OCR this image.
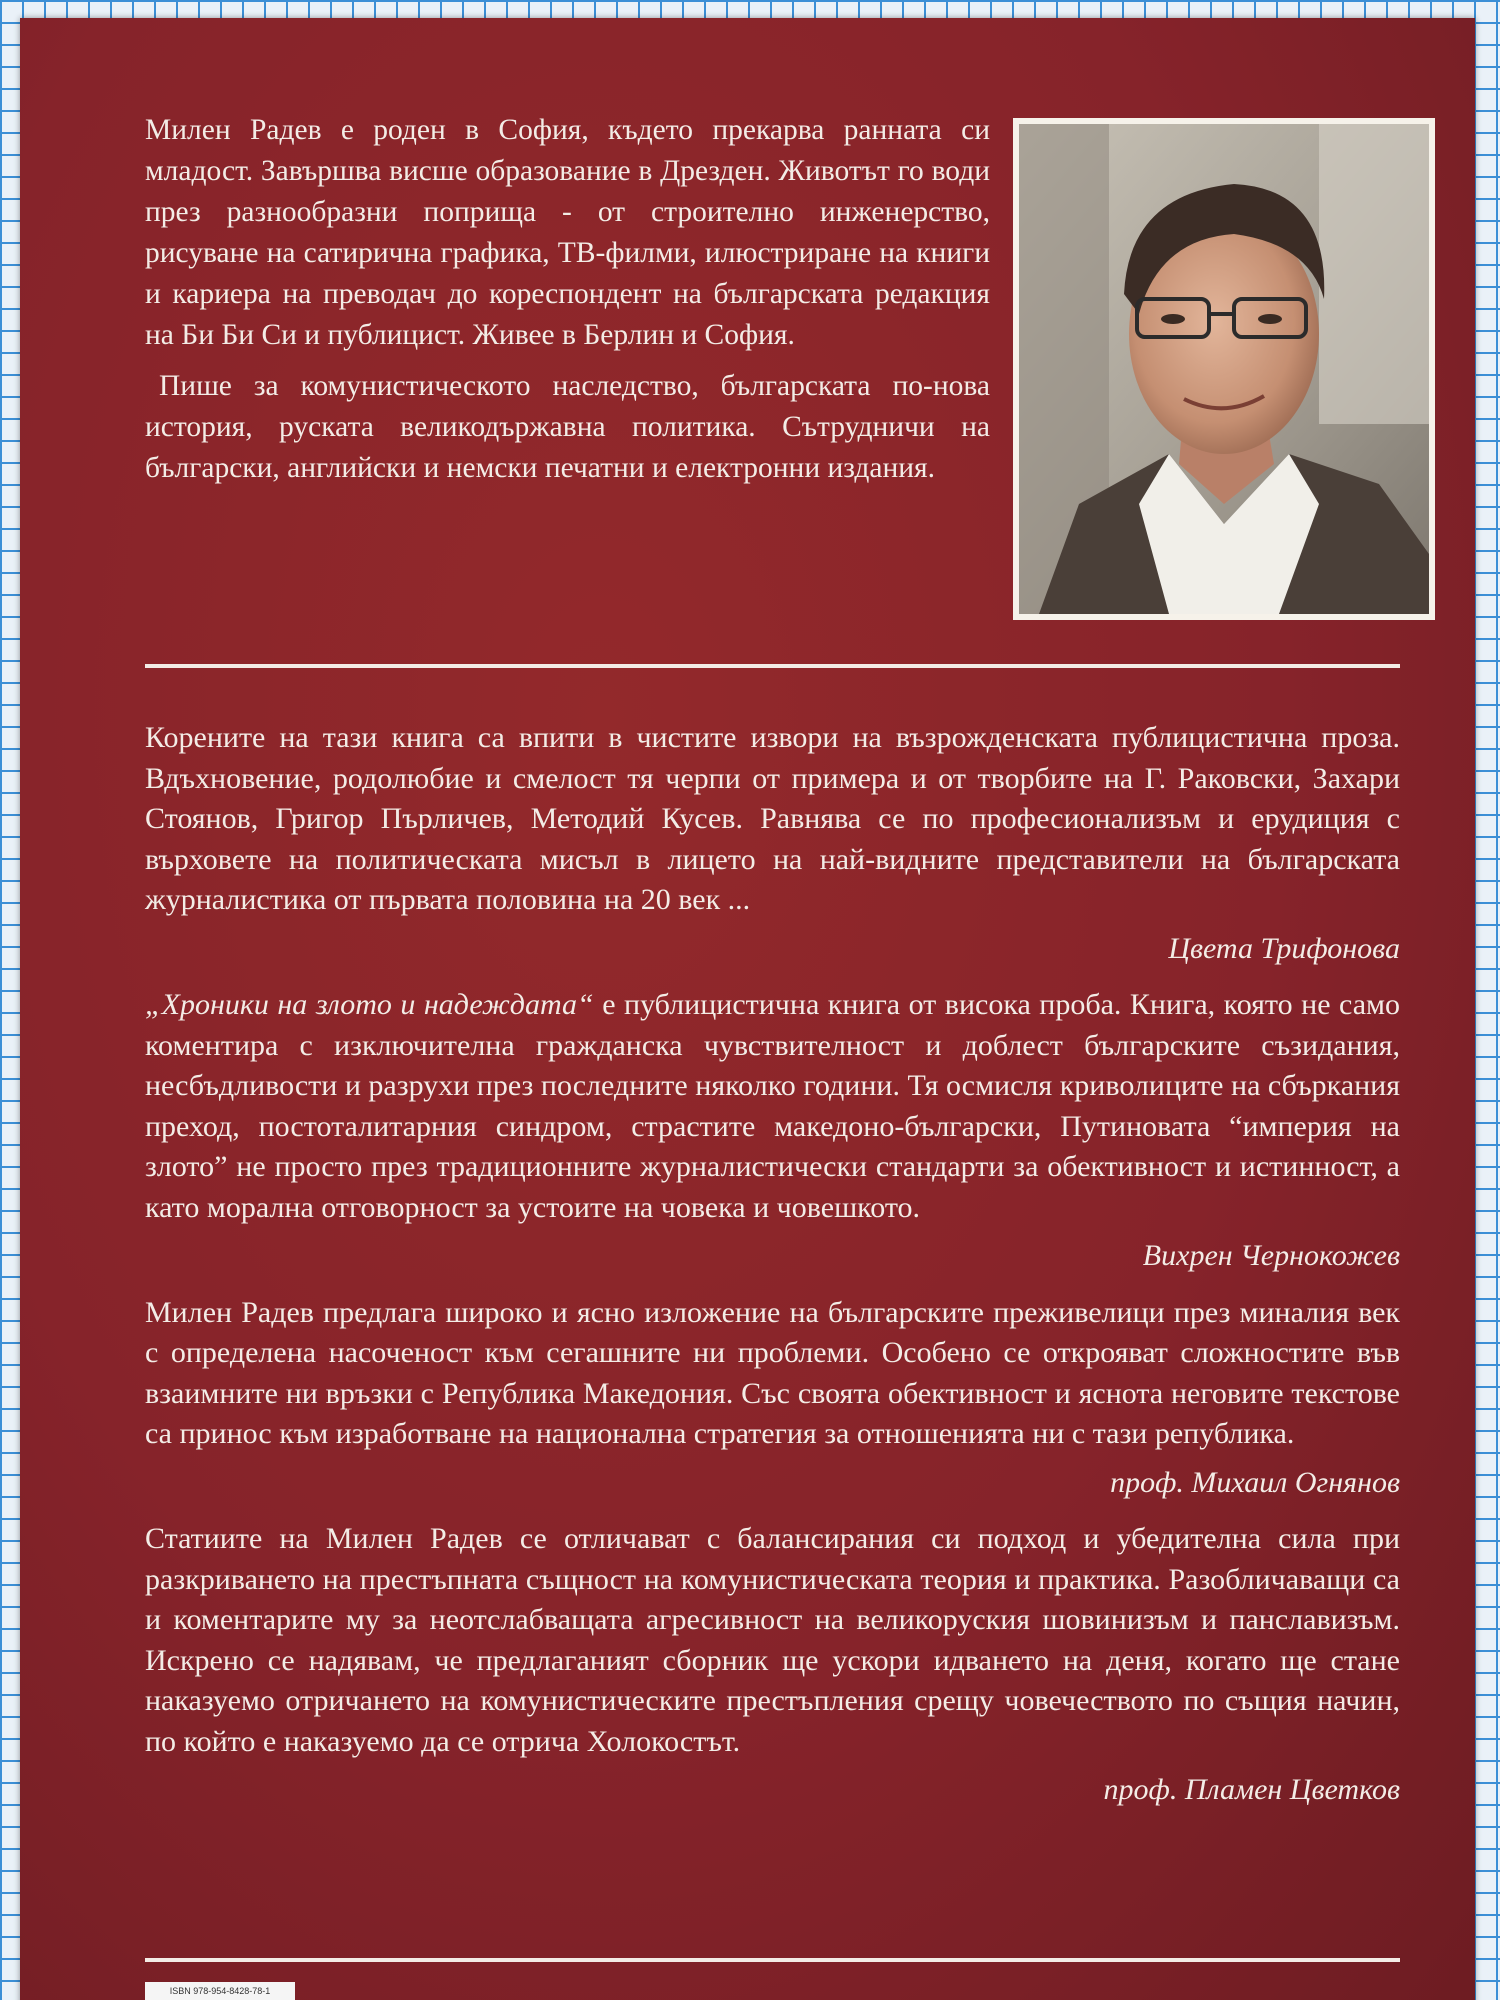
Милен Радев е роден в София, където прекарва ранната си младост. Завършва висше образование в Дрезден. Животът го води през разнообразни поприща - от строително инженерство, рисуване на сатирична графика, ТВ-филми, илюстриране на книги и кариера на преводач до кореспондент на българската редакция на Би Би Си и публицист. Живее в Берлин и София.

Пише за комунистическото наследство, българската по-нова история, руската великодържавна политика. Сътрудничи на български, английски и немски печатни и електронни издания.

Корените на тази книга са впити в чистите извори на възрожденската публицистична проза. Вдъхновение, родолюбие и смелост тя черпи от примера и от творбите на Г. Раковски, Захари Стоянов, Григор Пърличев, Методий Кусев. Равнява се по професионализъм и ерудиция с върховете на политическата мисъл в лицето на най-видните представители на българската журналистика от първата половина на 20 век ...

Цвета Трифонова

„Хроники на злото и надеждата“ е публицистична книга от висока проба. Книга, която не само коментира с изключителна гражданска чувствителност и доблест българските съзидания, несбъдливости и разрухи през последните няколко години. Тя осмисля криволиците на сбъркания преход, постоталитарния синдром, страстите македоно-български, Путиновата “империя на злото” не просто през традиционните журналистически стандарти за обективност и истинност, а като морална отговорност за устоите на човека и човешкото.

Вихрен Чернокожев

Милен Радев предлага широко и ясно изложение на българските преживелици през миналия век с определена насоченост към сегашните ни проблеми. Особено се открояват сложностите във взаимните ни връзки с Република Македония. Със своята обективност и яснота неговите текстове са принос към изработване на национална стратегия за отношенията ни с тази република.

проф. Михаил Огнянов

Статиите на Милен Радев се отличават с балансирания си подход и убедителна сила при разкриването на престъпната същност на комунистическата теория и практика. Разобличаващи са и коментарите му за неотслабващата агресивност на великоруския шовинизъм и панславизъм. Искрено се надявам, че предлаганият сборник ще ускори идването на деня, когато ще стане наказуемо отричането на комунистическите престъпления срещу човечеството по същия начин, по който е наказуемо да се отрича Холокостът.

проф. Пламен Цветков

ISBN 978-954-8428-78-1
